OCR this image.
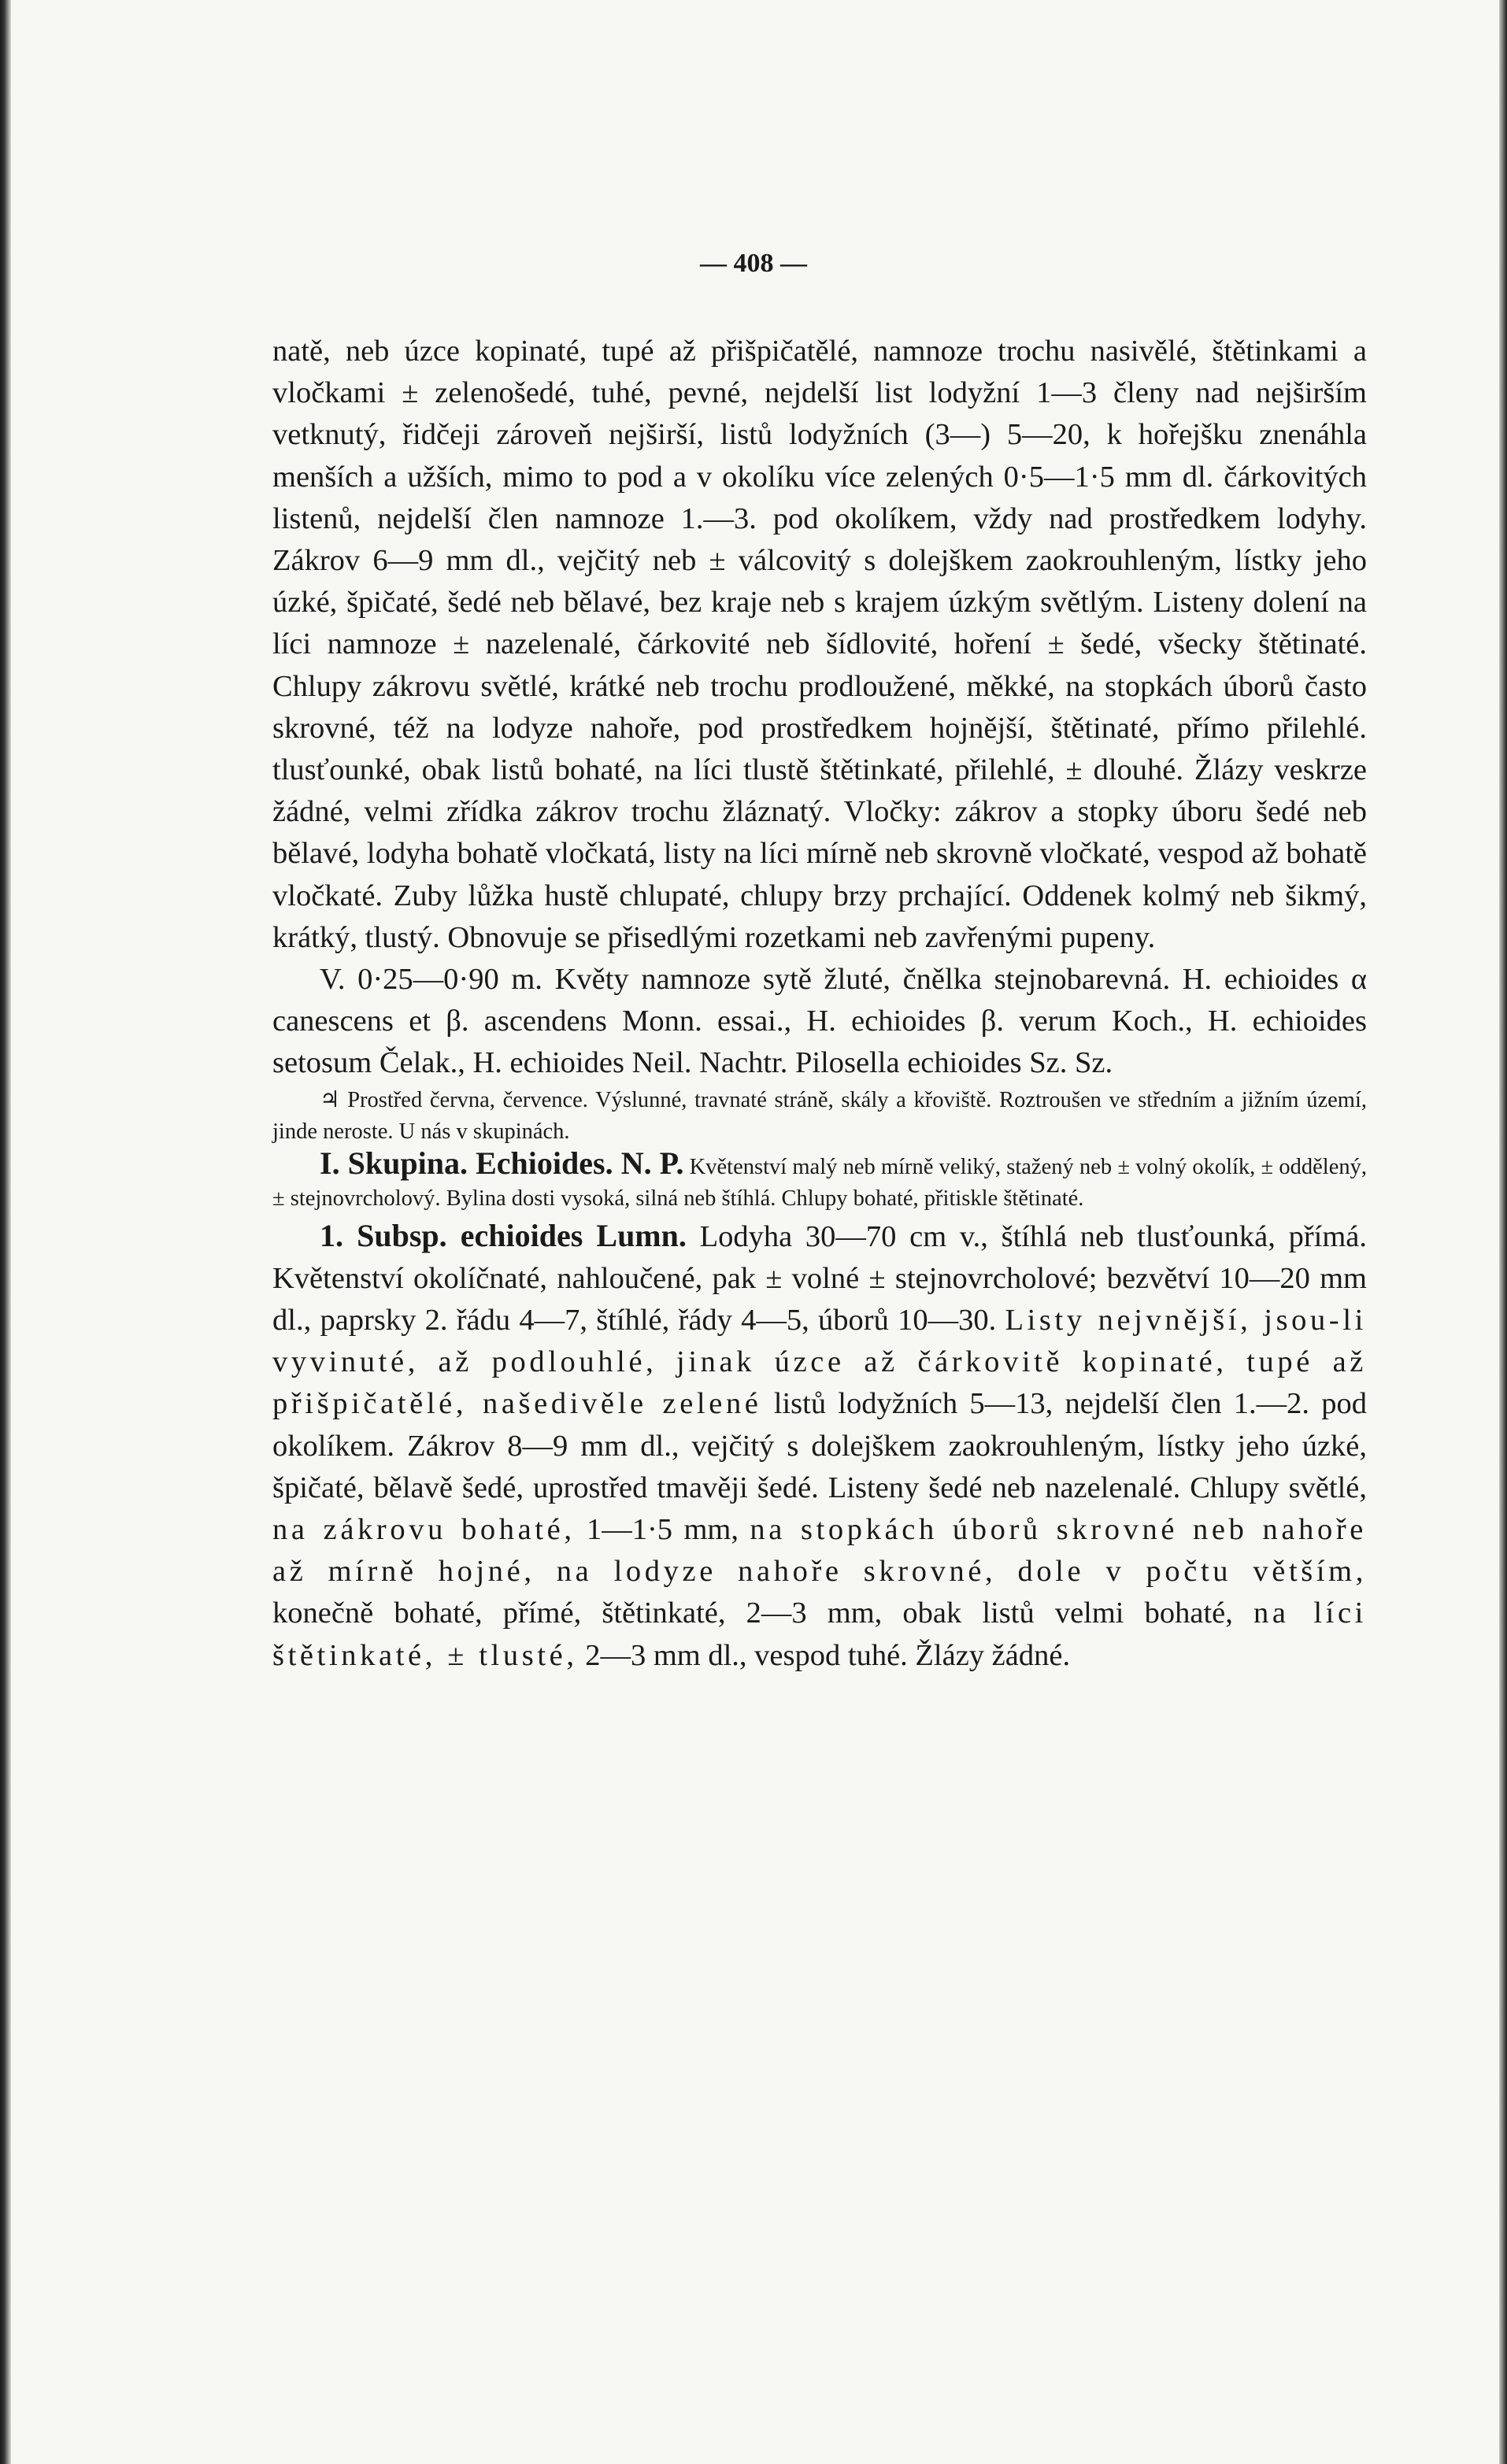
— 408 —

natě, neb úzce kopinaté, tupé až přišpičatělé, namnoze trochu nasivělé, štětinkami a vločkami ± zelenošedé, tuhé, pevné, nejdelší list lodyžní 1—3 členy nad nejširším vetknutý, řidčeji zároveň nejširší, listů lodyžních (3—) 5—20, k hořejšku znenáhla menších a užších, mimo to pod a v okolíku více zelených 0·5—1·5 mm dl. čárkovitých listenů, nejdelší člen namnoze 1.—3. pod okolíkem, vždy nad prostředkem lodyhy. Zákrov 6—9 mm dl., vejčitý neb ± válcovitý s dolejškem zaokrouhleným, lístky jeho úzké, špičaté, šedé neb bělavé, bez kraje neb s krajem úzkým světlým. Listeny dolení na líci namnoze ± nazelenalé, čárkovité neb šídlovité, hoření ± šedé, všecky štětinaté. Chlupy zákrovu světlé, krátké neb trochu prodloužené, měkké, na stopkách úborů často skrovné, též na lodyze nahoře, pod prostředkem hojnější, štětinaté, přímo přilehlé. tlusťounké, obak listů bohaté, na líci tlustě štětinkaté, přilehlé, ± dlouhé. Žlázy veskrze žádné, velmi zřídka zákrov trochu žláznatý. Vločky: zákrov a stopky úboru šedé neb bělavé, lodyha bohatě vločkatá, listy na líci mírně neb skrovně vločkaté, vespod až bohatě vločkaté. Zuby lůžka hustě chlupaté, chlupy brzy prchající. Oddenek kolmý neb šikmý, krátký, tlustý. Obnovuje se přisedlými rozetkami neb zavřenými pupeny.

V. 0·25—0·90 m. Květy namnoze sytě žluté, čnělka stejnobarevná. H. echioides α canescens et β. ascendens Monn. essai., H. echioides β. verum Koch., H. echioides setosum Čelak., H. echioides Neil. Nachtr. Pilosella echioides Sz. Sz.

♃ Prostřed června, července. Výslunné, travnaté stráně, skály a křoviště. Roztroušen ve středním a jižním území, jinde neroste. U nás v skupinách.

I. Skupina. Echioides. N. P. Květenství malý neb mírně veliký, stažený neb ± volný okolík, ± oddělený, ± stejnovrcholový. Bylina dosti vysoká, silná neb štíhlá. Chlupy bohaté, přitiskle štětinaté.

1. Subsp. echioides Lumn. Lodyha 30—70 cm v., štíhlá neb tlusťounká, přímá. Květenství okolíčnaté, nahloučené, pak ± volné ± stejnovrcholové; bezvětví 10—20 mm dl., paprsky 2. řádu 4—7, štíhlé, řády 4—5, úborů 10—30. Listy nejvnější, jsou-li vyvinuté, až podlouhlé, jinak úzce až čárkovitě kopinaté, tupé až přišpičatělé, našedivěle zelené listů lodyžních 5—13, nejdelší člen 1.—2. pod okolíkem. Zákrov 8—9 mm dl., vejčitý s dolejškem zaokrouhleným, lístky jeho úzké, špičaté, bělavě šedé, uprostřed tmavěji šedé. Listeny šedé neb nazelenalé. Chlupy světlé, na zákrovu bohaté, 1—1·5 mm, na stopkách úborů skrovné neb nahoře až mírně hojné, na lodyze nahoře skrovné, dole v počtu větším, konečně bohaté, přímé, štětinkaté, 2—3 mm, obak listů velmi bohaté, na líci štětinkaté, ± tlusté, 2—3 mm dl., vespod tuhé. Žlázy žádné.
